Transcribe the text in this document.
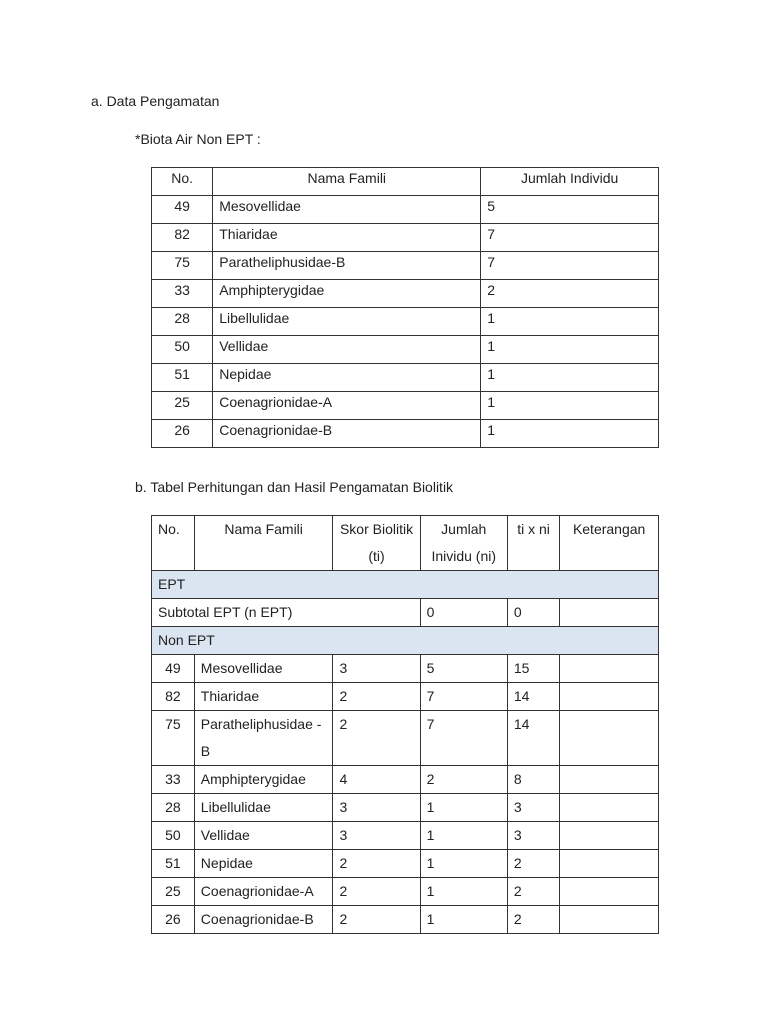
a. Data Pengamatan
*Biota Air Non EPT :
No.	Nama Famili	Jumlah Individu
49	Mesovellidae	5
82	Thiaridae	7
75	Paratheliphusidae-B	7
33	Amphipterygidae	2
28	Libellulidae	1
50	Vellidae	1
51	Nepidae	1
25	Coenagrionidae-A	1
26	Coenagrionidae-B	1
b. Tabel Perhitungan dan Hasil Pengamatan Biolitik
No.	Nama Famili	Skor Biolitik (ti)	Jumlah Inividu (ni)	ti x ni	Keterangan
EPT					
Subtotal EPT (n EPT)			0	0	
Non EPT					
49	Mesovellidae	3	5	15	
82	Thiaridae	2	7	14	
75	Paratheliphusidae -B	2	7	14	
33	Amphipterygidae	4	2	8	
28	Libellulidae	3	1	3	
50	Vellidae	3	1	3	
51	Nepidae	2	1	2	
25	Coenagrionidae-A	2	1	2	
26	Coenagrionidae-B	2	1	2	
